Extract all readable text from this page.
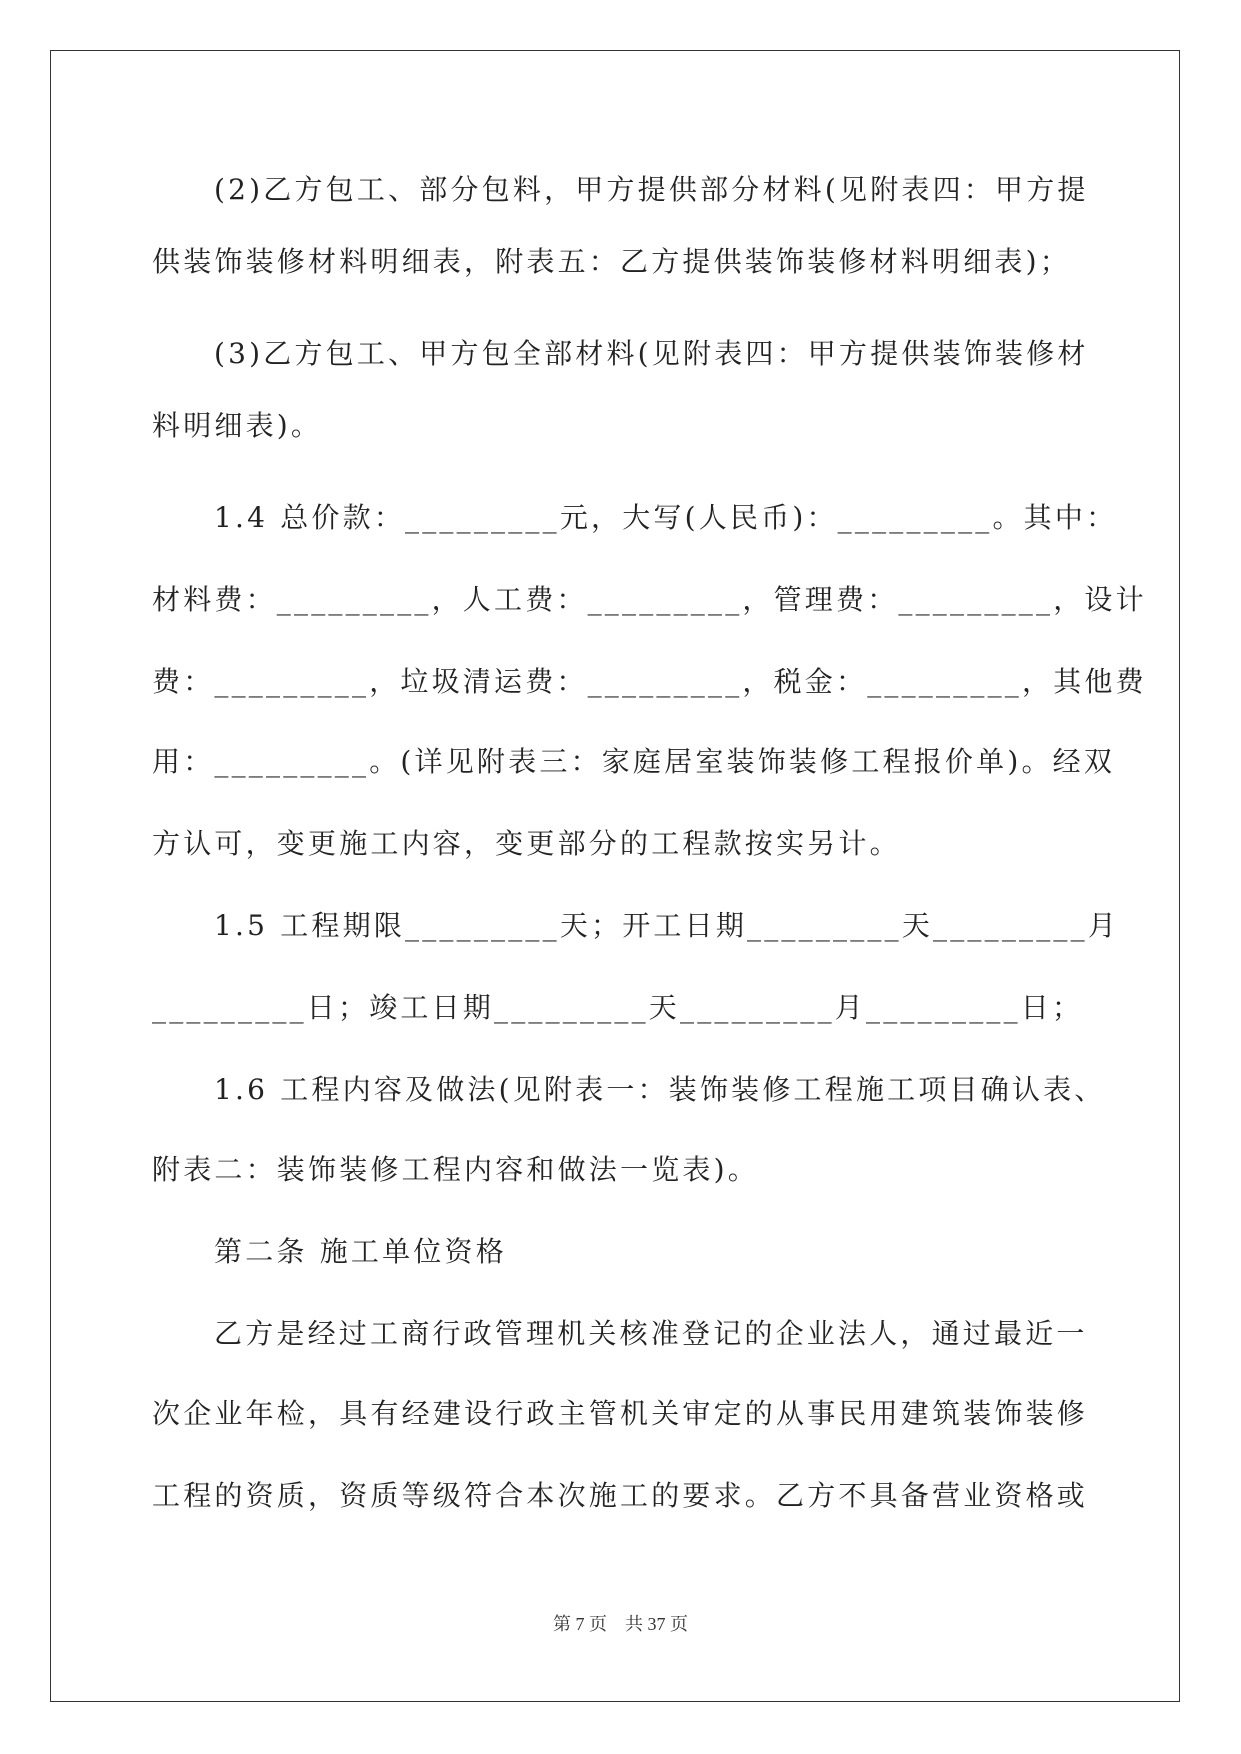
(2)乙方包工、部分包料，甲方提供部分材料(见附表四：甲方提
供装饰装修材料明细表，附表五：乙方提供装饰装修材料明细表)；
(3)乙方包工、甲方包全部材料(见附表四：甲方提供装饰装修材
料明细表)。
1.4 总价款：_________元，大写(人民币)：_________。其中：
材料费：_________，人工费：_________，管理费：_________，设计
费：_________，垃圾清运费：_________，税金：_________，其他费
用：_________。(详见附表三：家庭居室装饰装修工程报价单)。经双
方认可，变更施工内容，变更部分的工程款按实另计。
1.5 工程期限_________天；开工日期_________天_________月
_________日；竣工日期_________天_________月_________日；
1.6 工程内容及做法(见附表一：装饰装修工程施工项目确认表、
附表二：装饰装修工程内容和做法一览表)。
第二条 施工单位资格
乙方是经过工商行政管理机关核准登记的企业法人，通过最近一
次企业年检，具有经建设行政主管机关审定的从事民用建筑装饰装修
工程的资质，资质等级符合本次施工的要求。乙方不具备营业资格或
第 7 页　共 37 页
